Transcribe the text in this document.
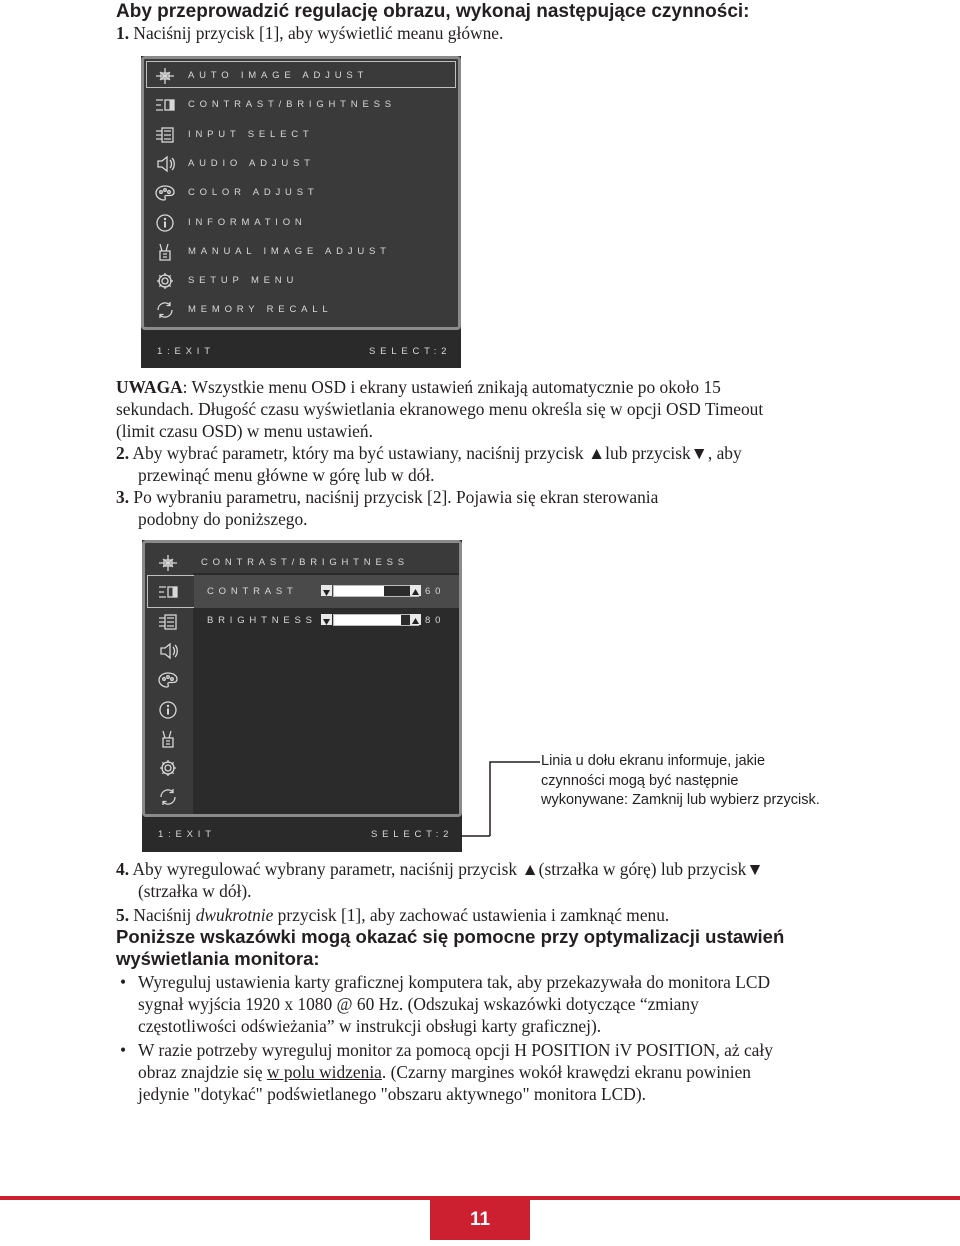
Aby przeprowadzić regulację obrazu, wykonaj następujące czynności:
1. Naciśnij przycisk [1], aby wyświetlić meanu główne.
AUTO IMAGE ADJUST
CONTRAST/BRIGHTNESS
INPUT SELECT
AUDIO ADJUST
COLOR ADJUST
INFORMATION
MANUAL IMAGE ADJUST
SETUP MENU
MEMORY RECALL
1:EXIT	SELECT:2
UWAGA: Wszystkie menu OSD i ekrany ustawień znikają automatycznie po około 15
sekundach. Długość czasu wyświetlania ekranowego menu określa się w opcji OSD Timeout
(limit czasu OSD) w menu ustawień.
2. Aby wybrać parametr, który ma być ustawiany, naciśnij przycisk ▲lub przycisk▼, aby
przewinąć menu główne w górę lub w dół.
3. Po wybraniu parametru, naciśnij przycisk [2]. Pojawia się ekran sterowania
podobny do poniższego.
CONTRAST/BRIGHTNESS
CONTRAST	60
BRIGHTNESS	80
1:EXIT	SELECT:2
Linia u dołu ekranu informuje, jakie
czynności mogą być następnie
wykonywane: Zamknij lub wybierz przycisk.
4. Aby wyregulować wybrany parametr, naciśnij przycisk ▲(strzałka w górę) lub przycisk▼
(strzałka w dół).
5. Naciśnij dwukrotnie przycisk [1], aby zachować ustawienia i zamknąć menu.
Poniższe wskazówki mogą okazać się pomocne przy optymalizacji ustawień
wyświetlania monitora:
• Wyreguluj ustawienia karty graficznej komputera tak, aby przekazywała do monitora LCD
sygnał wyjścia 1920 x 1080 @ 60 Hz. (Odszukaj wskazówki dotyczące “zmiany
częstotliwości odświeżania” w instrukcji obsługi karty graficznej).
• W razie potrzeby wyreguluj monitor za pomocą opcji H POSITION iV POSITION, aż cały
obraz znajdzie się w polu widzenia. (Czarny margines wokół krawędzi ekranu powinien
jedynie "dotykać" podświetlanego "obszaru aktywnego" monitora LCD).
11
